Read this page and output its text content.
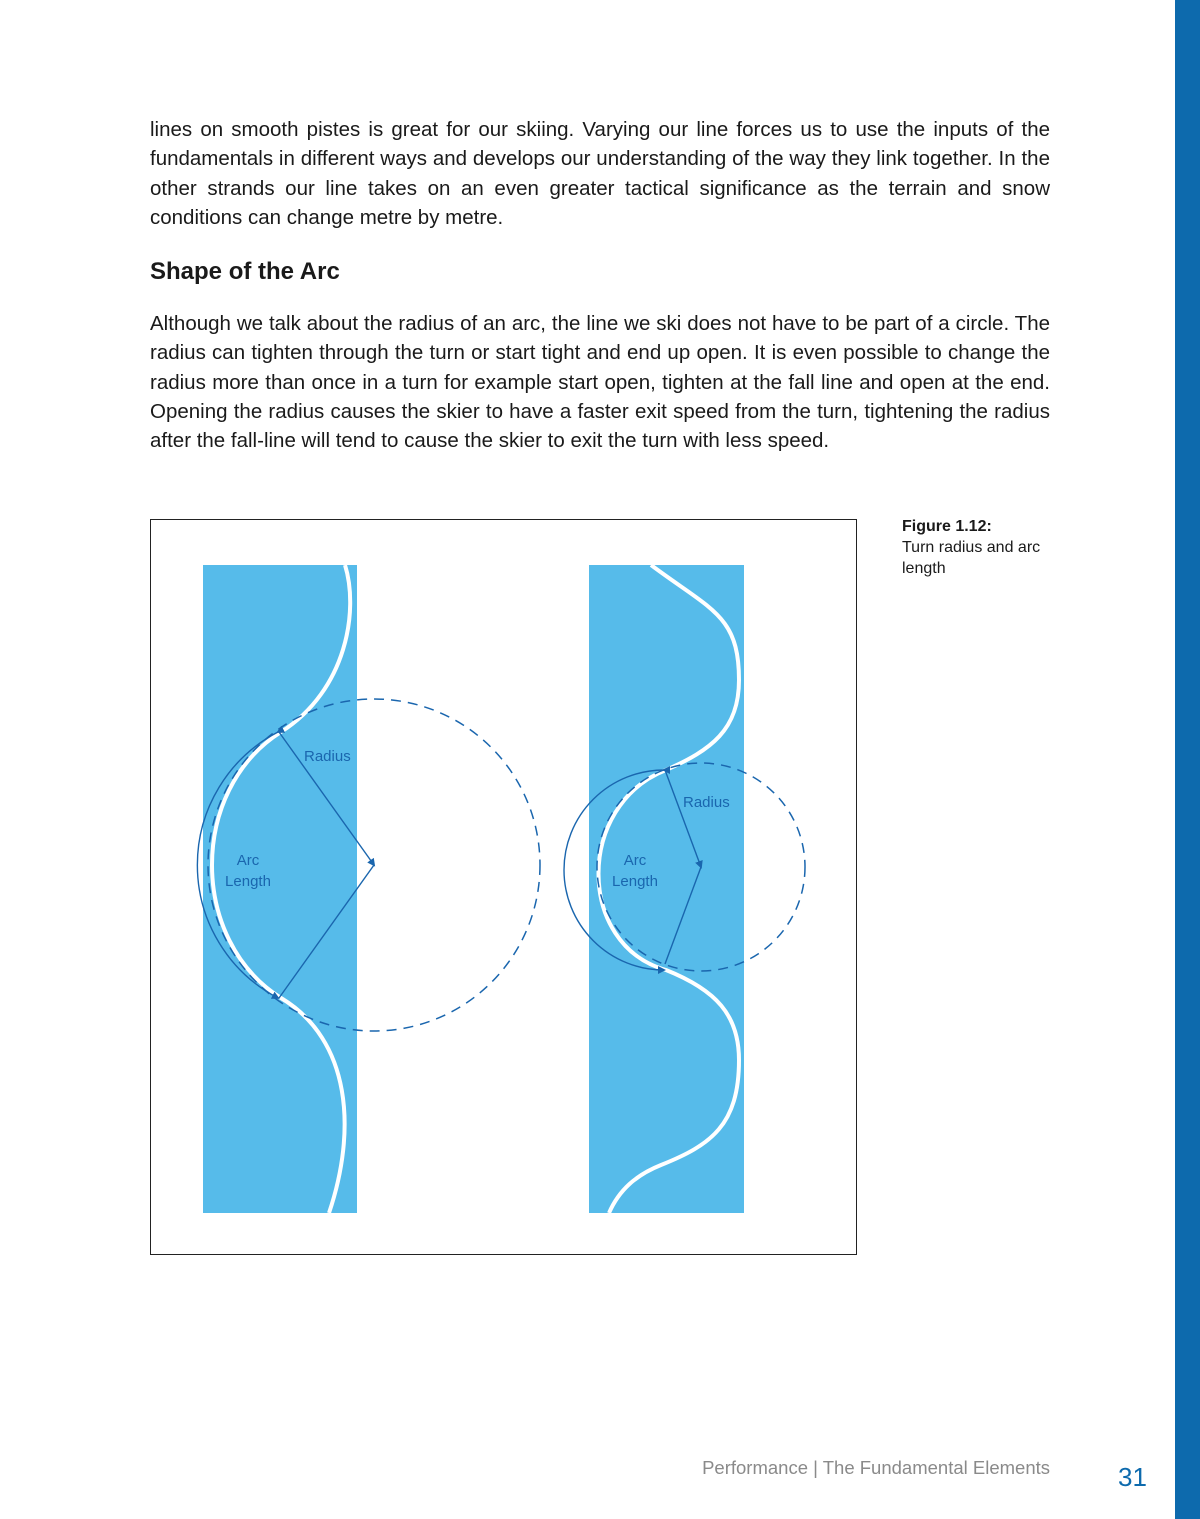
lines on smooth pistes is great for our skiing. Varying our line forces us to use the inputs of the fundamentals in different ways and develops our understanding of the way they link together. In the other strands our line takes on an even greater tactical significance as the terrain and snow conditions can change metre by metre.

Shape of the Arc

Although we talk about the radius of an arc, the line we ski does not have to be part of a circle. The radius can tighten through the turn or start tight and end up open. It is even possible to change the radius more than once in a turn for example start open, tighten at the fall line and open at the end. Opening the radius causes the skier to have a faster exit speed from the turn, tightening the radius after the fall-line will tend to cause the skier to exit the turn with less speed.

Radius
Arc
Length
Radius
Arc
Length
Figure 1.12:
Turn radius and arc length
Performance | The Fundamental Elements	31
